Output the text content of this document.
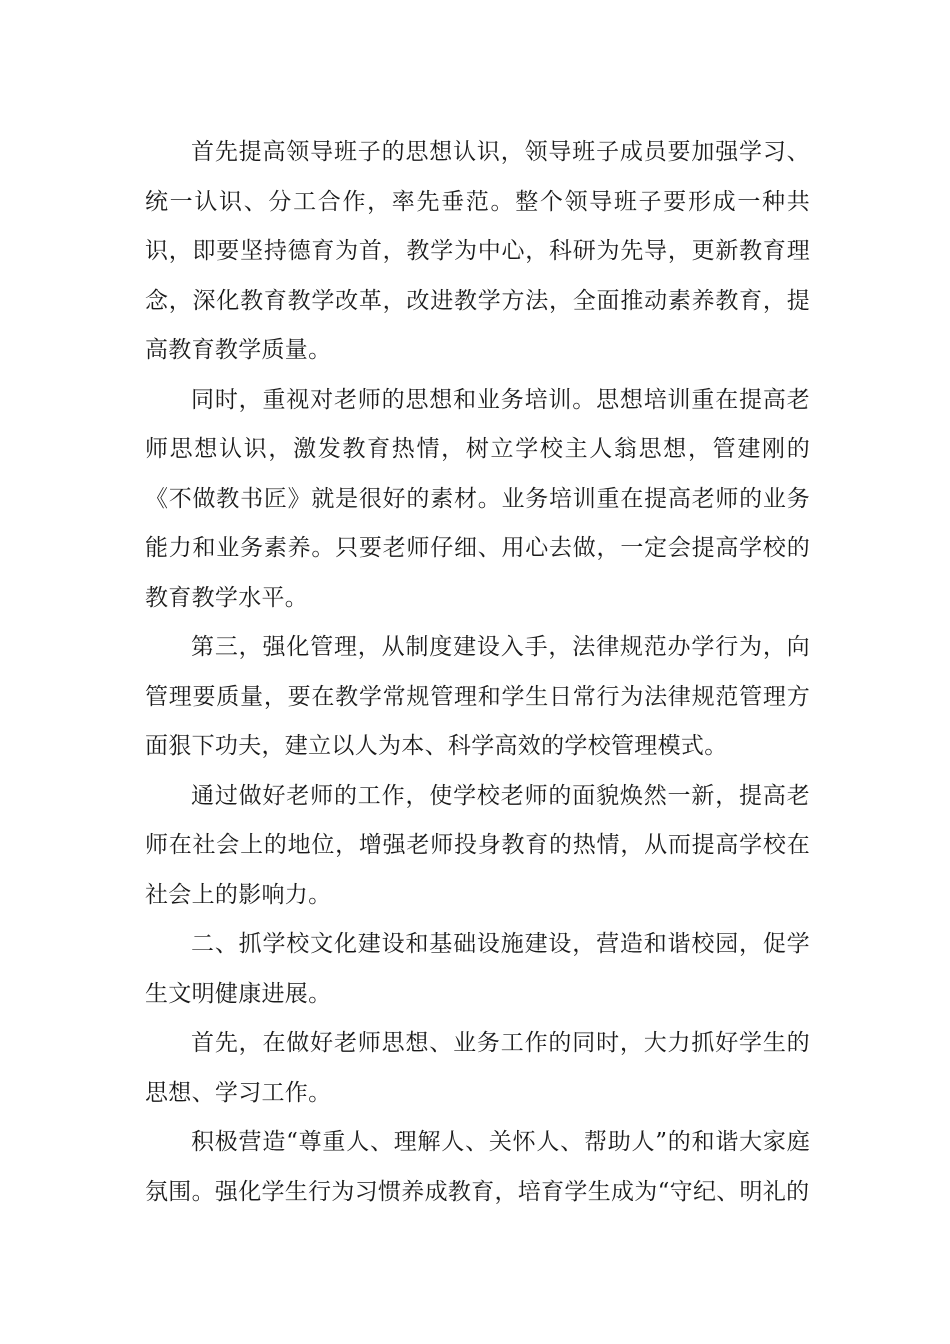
首先提高领导班子的思想认识，领导班子成员要加强学习、统一认识、分工合作，率先垂范。整个领导班子要形成一种共识，即要坚持德育为首，教学为中心，科研为先导，更新教育理念，深化教育教学改革，改进教学方法，全面推动素养教育，提高教育教学质量。

同时，重视对老师的思想和业务培训。思想培训重在提高老师思想认识，激发教育热情，树立学校主人翁思想，管建刚的《不做教书匠》就是很好的素材。业务培训重在提高老师的业务能力和业务素养。只要老师仔细、用心去做，一定会提高学校的教育教学水平。

第三，强化管理，从制度建设入手，法律规范办学行为，向管理要质量，要在教学常规管理和学生日常行为法律规范管理方面狠下功夫，建立以人为本、科学高效的学校管理模式。

通过做好老师的工作，使学校老师的面貌焕然一新，提高老师在社会上的地位，增强老师投身教育的热情，从而提高学校在社会上的影响力。

二、抓学校文化建设和基础设施建设，营造和谐校园，促学生文明健康进展。

首先，在做好老师思想、业务工作的同时，大力抓好学生的思想、学习工作。

积极营造“尊重人、理解人、关怀人、帮助人”的和谐大家庭氛围。强化学生行为习惯养成教育，培育学生成为“守纪、明礼的
